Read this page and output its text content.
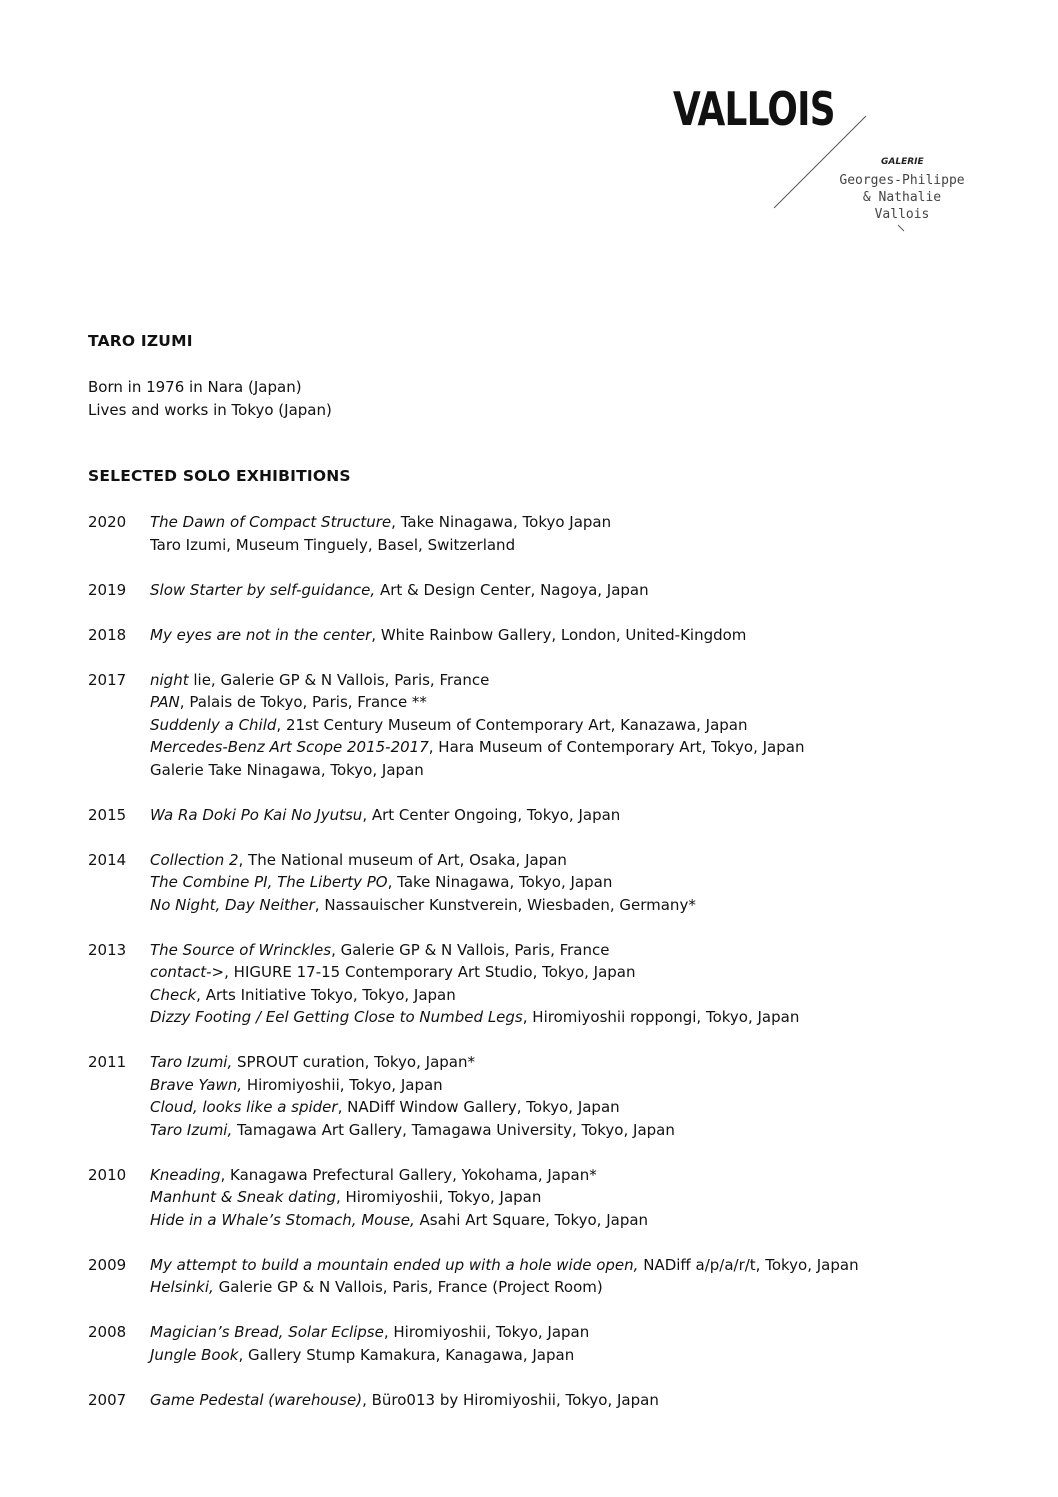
VALLOIS
GALERIE
Georges-Philippe
& Nathalie
Vallois
TARO IZUMI
Born in 1976 in Nara (Japan)
Lives and works in Tokyo (Japan)
SELECTED SOLO EXHIBITIONS
2020	The Dawn of Compact Structure, Take Ninagawa, Tokyo Japan
Taro Izumi, Museum Tinguely, Basel, Switzerland
2019	Slow Starter by self-guidance, Art & Design Center, Nagoya, Japan
2018	My eyes are not in the center, White Rainbow Gallery, London, United-Kingdom
2017	night lie, Galerie GP & N Vallois, Paris, France
PAN, Palais de Tokyo, Paris, France **
Suddenly a Child, 21st Century Museum of Contemporary Art, Kanazawa, Japan
Mercedes-Benz Art Scope 2015-2017, Hara Museum of Contemporary Art, Tokyo, Japan
Galerie Take Ninagawa, Tokyo, Japan
2015	Wa Ra Doki Po Kai No Jyutsu, Art Center Ongoing, Tokyo, Japan
2014	Collection 2, The National museum of Art, Osaka, Japan
The Combine PI, The Liberty PO, Take Ninagawa, Tokyo, Japan
No Night, Day Neither, Nassauischer Kunstverein, Wiesbaden, Germany*
2013	The Source of Wrinckles, Galerie GP & N Vallois, Paris, France
contact->, HIGURE 17-15 Contemporary Art Studio, Tokyo, Japan
Check, Arts Initiative Tokyo, Tokyo, Japan
Dizzy Footing / Eel Getting Close to Numbed Legs, Hiromiyoshii roppongi, Tokyo, Japan
2011	Taro Izumi, SPROUT curation, Tokyo, Japan*
Brave Yawn, Hiromiyoshii, Tokyo, Japan
Cloud, looks like a spider, NADiff Window Gallery, Tokyo, Japan
Taro Izumi, Tamagawa Art Gallery, Tamagawa University, Tokyo, Japan
2010	Kneading, Kanagawa Prefectural Gallery, Yokohama, Japan*
Manhunt & Sneak dating, Hiromiyoshii, Tokyo, Japan
Hide in a Whale’s Stomach, Mouse, Asahi Art Square, Tokyo, Japan
2009	My attempt to build a mountain ended up with a hole wide open, NADiff a/p/a/r/t, Tokyo, Japan
Helsinki, Galerie GP & N Vallois, Paris, France (Project Room)
2008	Magician’s Bread, Solar Eclipse, Hiromiyoshii, Tokyo, Japan
Jungle Book, Gallery Stump Kamakura, Kanagawa, Japan
2007	Game Pedestal (warehouse), Büro013 by Hiromiyoshii, Tokyo, Japan
